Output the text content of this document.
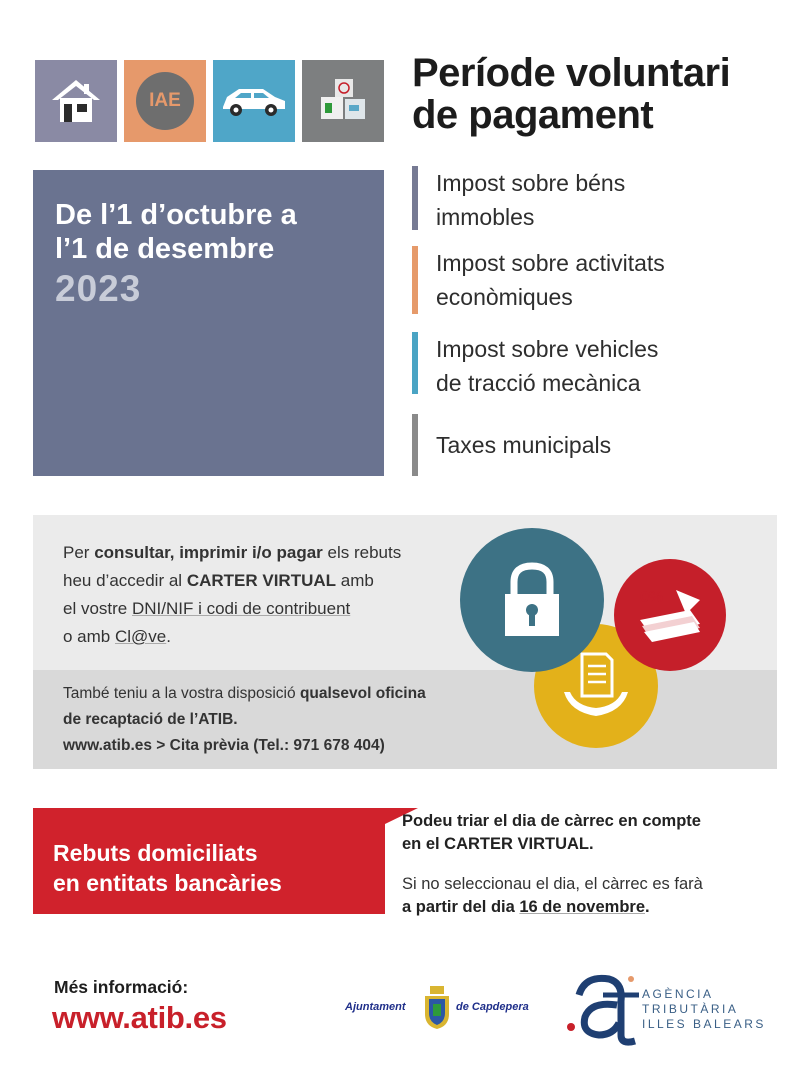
IAE
Període voluntari
de pagament
De l’1 d’octubre a
l’1 de desembre
2023
Impost sobre béns
immobles
Impost sobre activitats
econòmiques
Impost sobre vehicles
de tracció mecànica
Taxes municipals
Per consultar, imprimir i/o pagar els rebuts
heu d’accedir al CARTER VIRTUAL amb
el vostre DNI/NIF i codi de contribuent
o amb Cl@ve.
També teniu a la vostra disposició qualsevol oficina
de recaptació de l’ATIB.
www.atib.es > Cita prèvia (Tel.: 971 678 404)
0%
Rebuts domiciliats
en entitats bancàries
Podeu triar el dia de càrrec en compte
en el CARTER VIRTUAL.
Si no seleccionau el dia, el càrrec es farà
a partir del dia 16 de novembre.
Més informació:
www.atib.es	Ajuntament	de Capdepera
AGÈNCIA
TRIBUTÀRIA
ILLES BALEARS
